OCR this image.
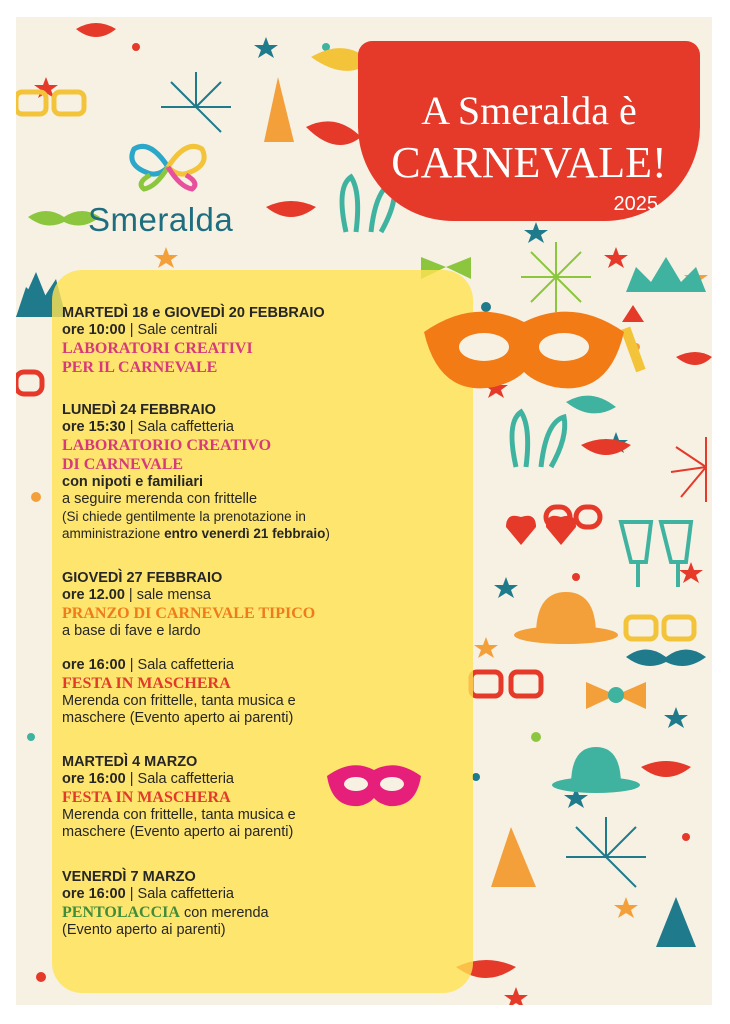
A Smeralda è
CARNEVALE!
2025
Smeralda
MARTEDÌ 18 e GIOVEDÌ 20 FEBBRAIO
ore 10:00 | Sale centrali
LABORATORI CREATIVI
PER IL CARNEVALE
LUNEDÌ 24 FEBBRAIO
ore 15:30 | Sala caffetteria
LABORATORIO CREATIVO
DI CARNEVALE
con nipoti e familiari
a seguire merenda con frittelle
(Si chiede gentilmente la prenotazione in
amministrazione entro venerdì 21 febbraio)
GIOVEDÌ 27 FEBBRAIO
ore 12.00 | sale mensa
PRANZO DI CARNEVALE TIPICO
a base di fave e lardo
ore 16:00 | Sala caffetteria
FESTA IN MASCHERA
Merenda con frittelle, tanta musica e
maschere (Evento aperto ai parenti)
MARTEDÌ 4 MARZO
ore 16:00 | Sala caffetteria
FESTA IN MASCHERA
Merenda con frittelle, tanta musica e
maschere (Evento aperto ai parenti)
VENERDÌ 7 MARZO
ore 16:00 | Sala caffetteria
PENTOLACCIA con merenda
(Evento aperto ai parenti)
